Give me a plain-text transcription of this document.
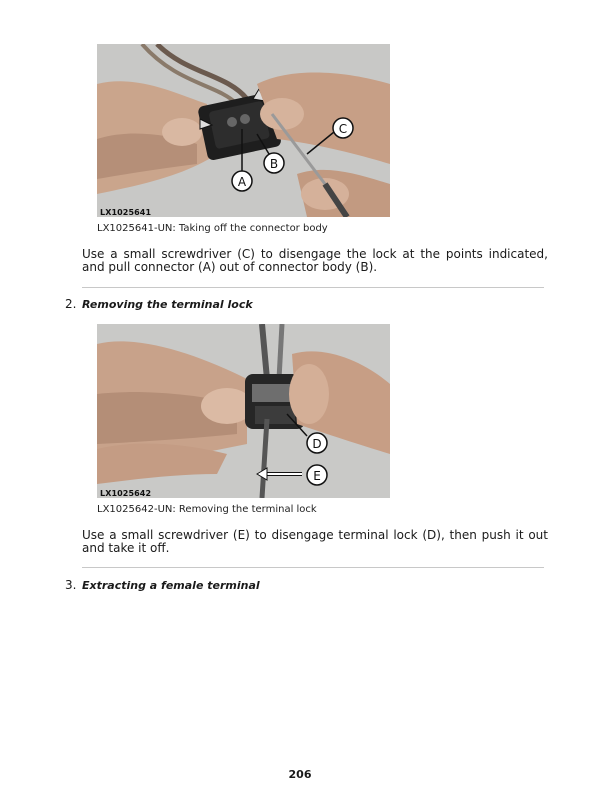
A
B
C
LX1025641
LX1025641-UN: Taking off the connector body
Use a small screwdriver (C) to disengage the lock at the points indicated, and pull connector (A) out of connector body (B).
2. Removing the terminal lock
D
E
LX1025642
LX1025642-UN: Removing the terminal lock
Use a small screwdriver (E) to disengage terminal lock (D), then push it out and take it off.
3. Extracting a female terminal
206
